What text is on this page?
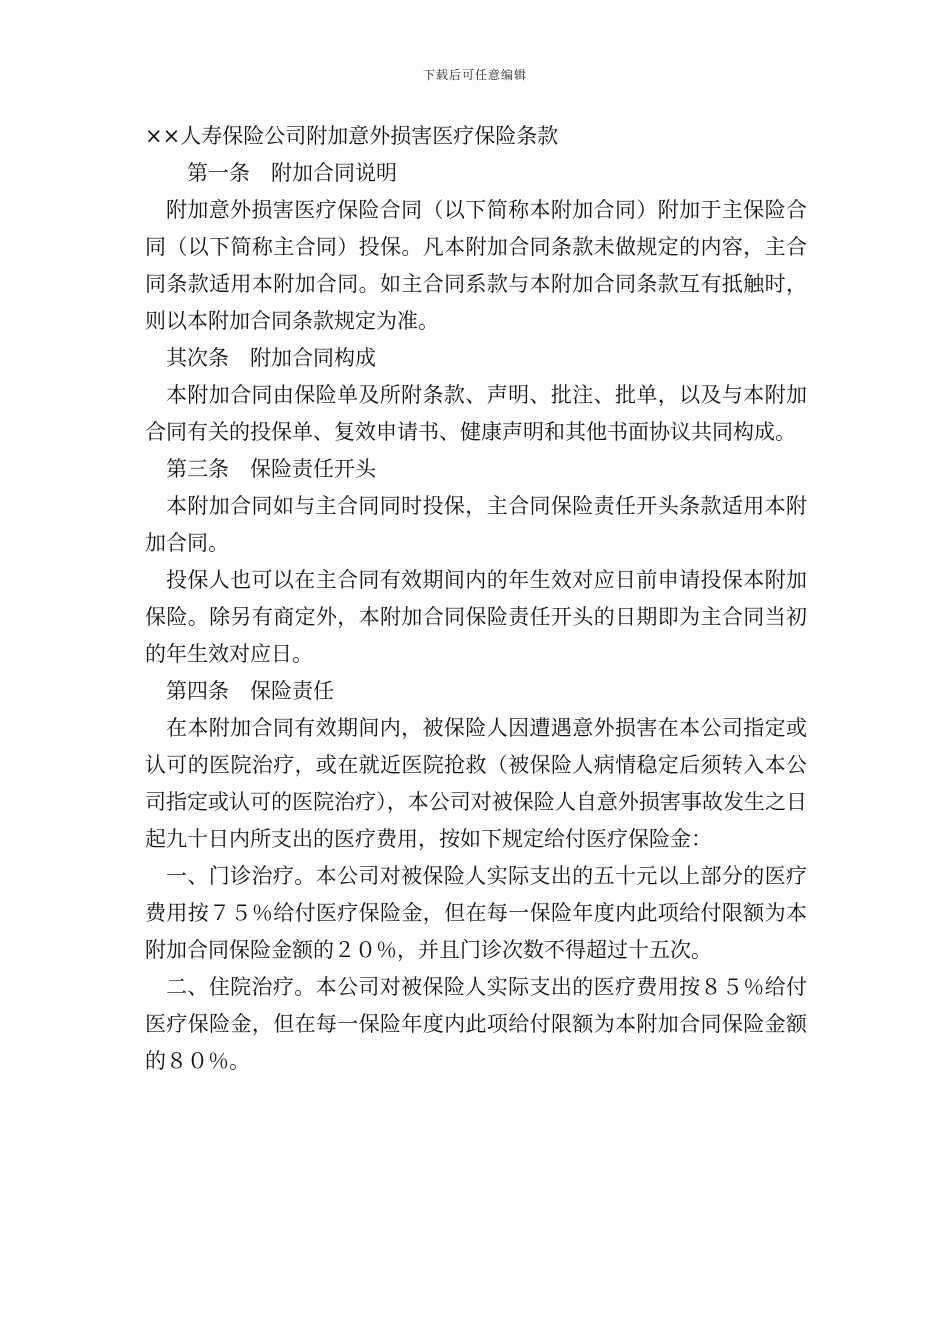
下载后可任意编辑
××人寿保险公司附加意外损害医疗保险条款
第一条　附加合同说明

附加意外损害医疗保险合同（以下简称本附加合同）附加于主保险合同（以下简称主合同）投保。凡本附加合同条款未做规定的内容，主合同条款适用本附加合同。如主合同系款与本附加合同条款互有抵触时，则以本附加合同条款规定为准。

其次条　附加合同构成

本附加合同由保险单及所附条款、声明、批注、批单，以及与本附加合同有关的投保单、复效申请书、健康声明和其他书面协议共同构成。

第三条　保险责任开头

本附加合同如与主合同同时投保，主合同保险责任开头条款适用本附加合同。

投保人也可以在主合同有效期间内的年生效对应日前申请投保本附加保险。除另有商定外，本附加合同保险责任开头的日期即为主合同当初的年生效对应日。

第四条　保险责任

在本附加合同有效期间内，被保险人因遭遇意外损害在本公司指定或认可的医院治疗，或在就近医院抢救（被保险人病情稳定后须转入本公司指定或认可的医院治疗），本公司对被保险人自意外损害事故发生之日起九十日内所支出的医疗费用，按如下规定给付医疗保险金：

一、门诊治疗。本公司对被保险人实际支出的五十元以上部分的医疗费用按７５％给付医疗保险金，但在每一保险年度内此项给付限额为本附加合同保险金额的２０％，并且门诊次数不得超过十五次。

二、住院治疗。本公司对被保险人实际支出的医疗费用按８５％给付医疗保险金，但在每一保险年度内此项给付限额为本附加合同保险金额的８０％。
